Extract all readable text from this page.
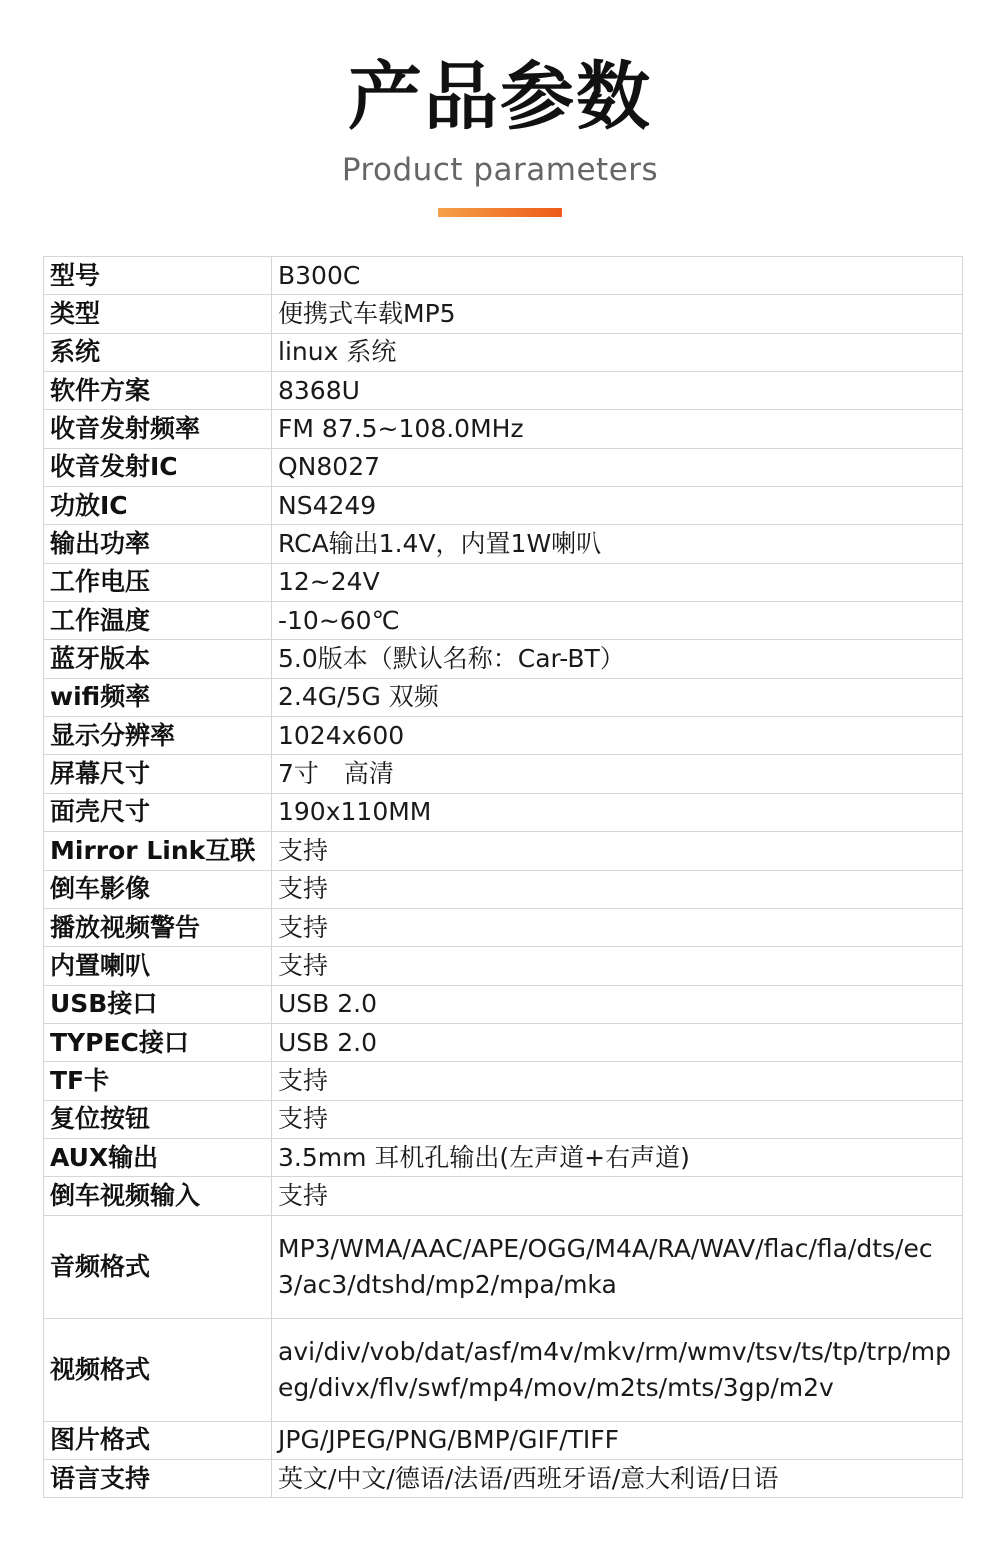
产品参数
Product parameters
型号	B300C
类型	便携式车载MP5
系统	linux 系统
软件方案	8368U
收音发射频率	FM 87.5~108.0MHz
收音发射IC	QN8027
功放IC	NS4249
输出功率	RCA输出1.4V，内置1W喇叭
工作电压	12~24V
工作温度	-10~60℃
蓝牙版本	5.0版本（默认名称：Car-BT）
wifi频率	2.4G/5G 双频
显示分辨率	1024x600
屏幕尺寸	7寸　高清
面壳尺寸	190x110MM
Mirror Link互联	支持
倒车影像	支持
播放视频警告	支持
内置喇叭	支持
USB接口	USB 2.0
TYPEC接口	USB 2.0
TF卡	支持
复位按钮	支持
AUX输出	3.5mm 耳机孔输出(左声道+右声道)
倒车视频输入	支持
音频格式	MP3/WMA/AAC/APE/OGG/M4A/RA/WAV/flac/fla/dts/ec3/ac3/dtshd/mp2/mpa/mka
视频格式	avi/div/vob/dat/asf/m4v/mkv/rm/wmv/tsv/ts/tp/trp/mpeg/divx/flv/swf/mp4/mov/m2ts/mts/3gp/m2v
图片格式	JPG/JPEG/PNG/BMP/GIF/TIFF
语言支持	英文/中文/德语/法语/西班牙语/意大利语/日语
